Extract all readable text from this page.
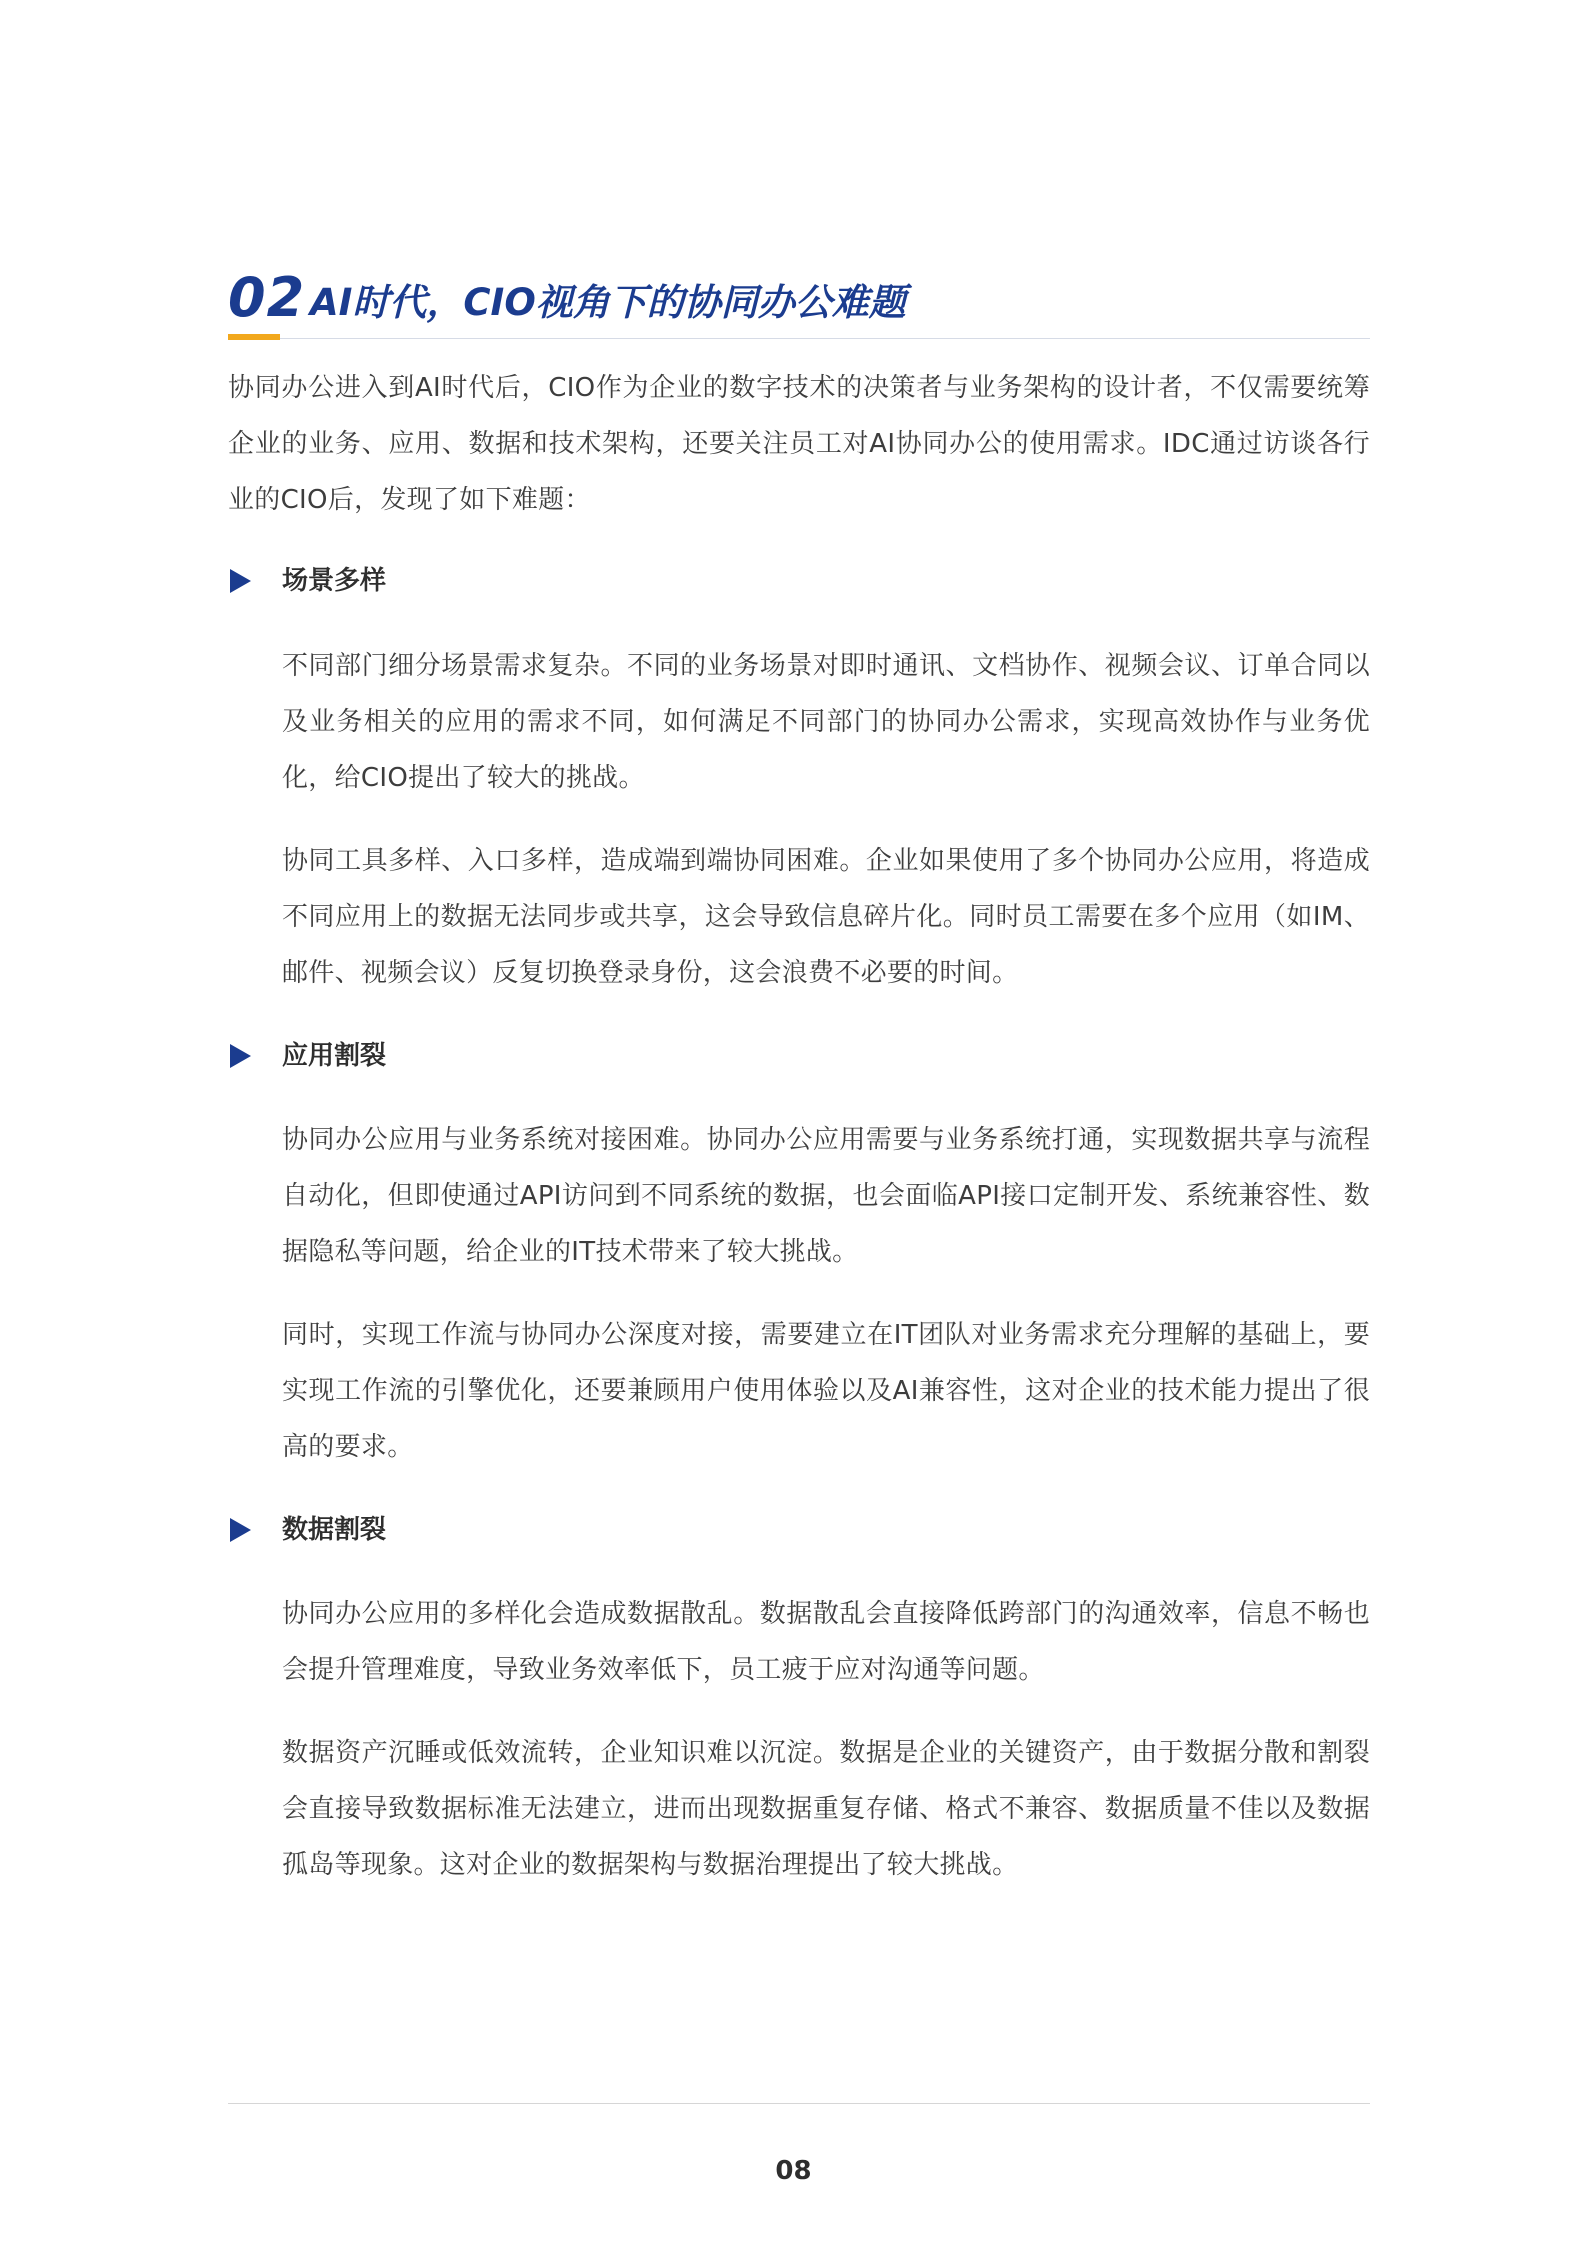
02 AI时代，CIO视角下的协同办公难题
协同办公进入到AI时代后，CIO作为企业的数字技术的决策者与业务架构的设计者，不仅需要统筹企业的业务、应用、数据和技术架构，还要关注员工对AI协同办公的使用需求。IDC通过访谈各行业的CIO后，发现了如下难题：
场景多样
不同部门细分场景需求复杂。不同的业务场景对即时通讯、文档协作、视频会议、订单合同以及业务相关的应用的需求不同，如何满足不同部门的协同办公需求，实现高效协作与业务优化，给CIO提出了较大的挑战。
协同工具多样、入口多样，造成端到端协同困难。企业如果使用了多个协同办公应用，将造成不同应用上的数据无法同步或共享，这会导致信息碎片化。同时员工需要在多个应用（如IM、邮件、视频会议）反复切换登录身份，这会浪费不必要的时间。
应用割裂
协同办公应用与业务系统对接困难。协同办公应用需要与业务系统打通，实现数据共享与流程自动化，但即使通过API访问到不同系统的数据，也会面临API接口定制开发、系统兼容性、数据隐私等问题，给企业的IT技术带来了较大挑战。
同时，实现工作流与协同办公深度对接，需要建立在IT团队对业务需求充分理解的基础上，要实现工作流的引擎优化，还要兼顾用户使用体验以及AI兼容性，这对企业的技术能力提出了很高的要求。
数据割裂
协同办公应用的多样化会造成数据散乱。数据散乱会直接降低跨部门的沟通效率，信息不畅也会提升管理难度，导致业务效率低下，员工疲于应对沟通等问题。
数据资产沉睡或低效流转，企业知识难以沉淀。数据是企业的关键资产，由于数据分散和割裂会直接导致数据标准无法建立，进而出现数据重复存储、格式不兼容、数据质量不佳以及数据孤岛等现象。这对企业的数据架构与数据治理提出了较大挑战。
08
